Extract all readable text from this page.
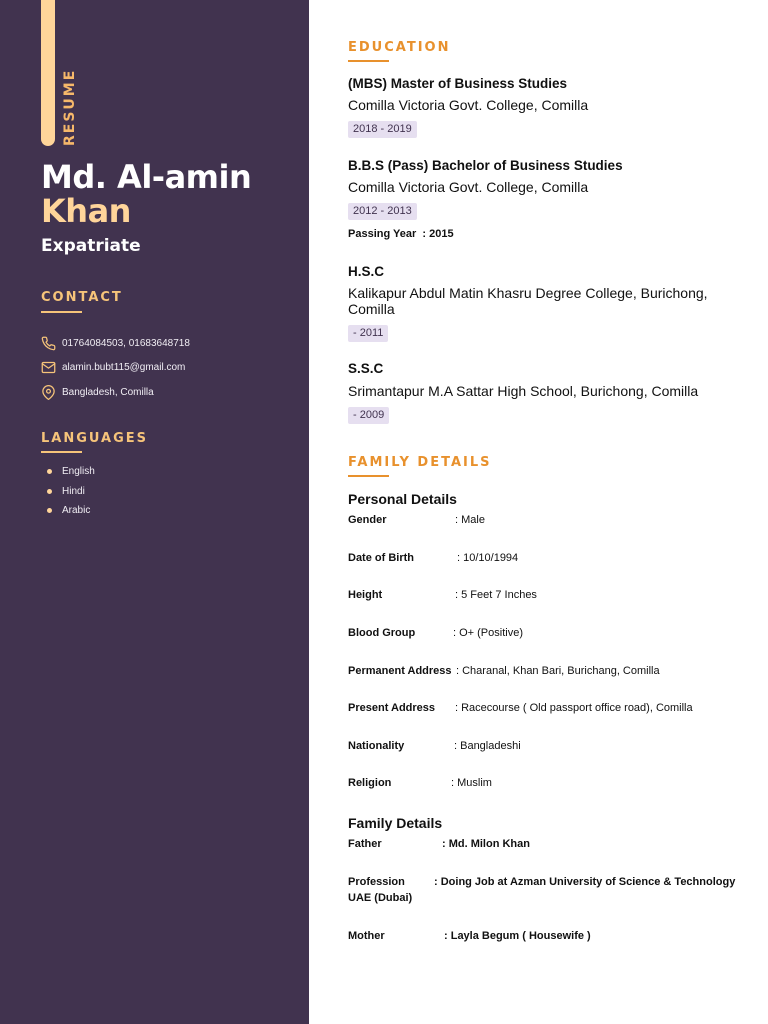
RESUME
Md. Al-amin
Khan
Expatriate
CONTACT
01764084503, 01683648718
alamin.bubt115@gmail.com
Bangladesh, Comilla
LANGUAGES
English
Hindi
Arabic
EDUCATION
(MBS) Master of Business Studies
Comilla Victoria Govt. College, Comilla
2018 - 2019
B.B.S (Pass) Bachelor of Business Studies
Comilla Victoria Govt. College, Comilla
2012 - 2013
Passing Year  : 2015
H.S.C
Kalikapur Abdul Matin Khasru Degree College, Burichong, Comilla
- 2011
S.S.C
Srimantapur M.A Sattar High School, Burichong, Comilla
- 2009
FAMILY DETAILS
Personal Details
Gender	: Male
Date of Birth	: 10/10/1994
Height	: 5 Feet 7 Inches
Blood Group	: O+ (Positive)
Permanent Address : Charanal, Khan Bari, Burichang, Comilla
Present Address : Racecourse ( Old passport office road), Comilla
Nationality	: Bangladeshi
Religion	: Muslim
Family Details
Father	: Md. Milon Khan
Profession	: Doing Job at Azman University of Science & Technology
UAE (Dubai)
Mother	: Layla Begum ( Housewife )
